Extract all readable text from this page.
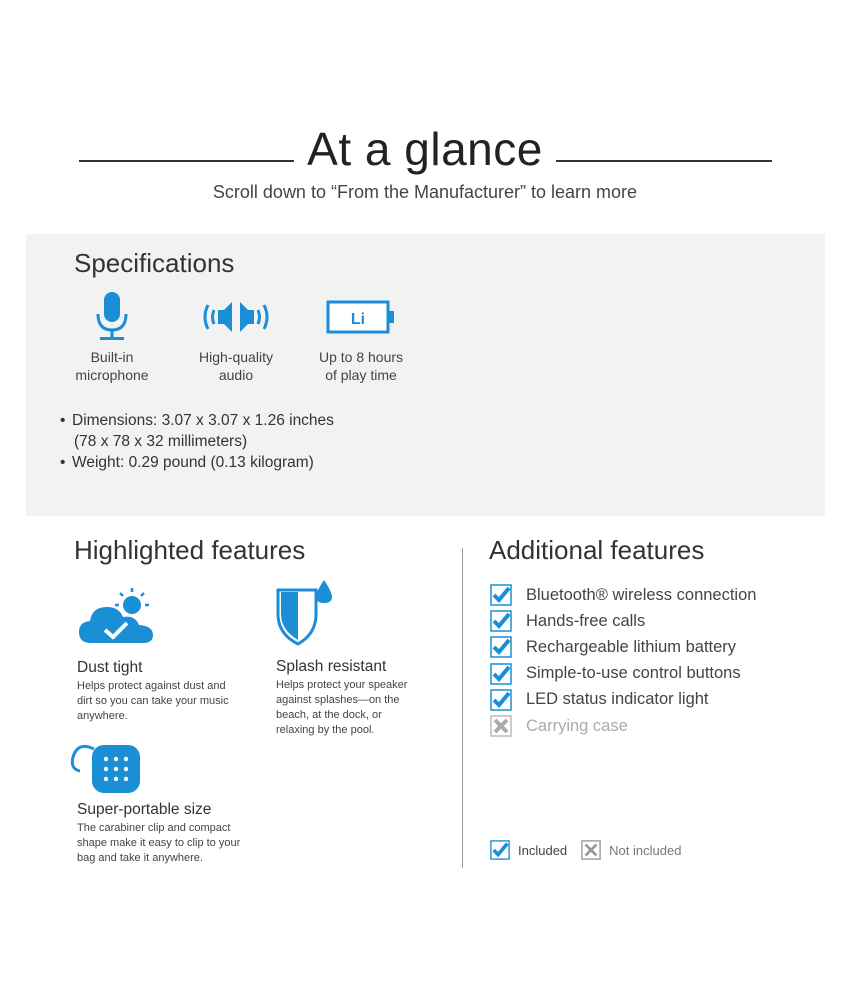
At a glance
Scroll down to “From the Manufacturer” to learn more
Specifications
Built-in
microphone
High-quality
audio
Li
Up to 8 hours
of play time
• Dimensions: 3.07 x 3.07 x 1.26 inches
(78 x 78 x 32 millimeters)
• Weight: 0.29 pound (0.13 kilogram)
Highlighted features
Dust tight
Helps protect against dust and
dirt so you can take your music
anywhere.
Splash resistant
Helps protect your speaker
against splashes—on the
beach, at the dock, or
relaxing by the pool.
Super-portable size
The carabiner clip and compact
shape make it easy to clip to your
bag and take it anywhere.
Additional features
Bluetooth® wireless connection
Hands-free calls
Rechargeable lithium battery
Simple-to-use control buttons
LED status indicator light
Carrying case
Included	Not included
